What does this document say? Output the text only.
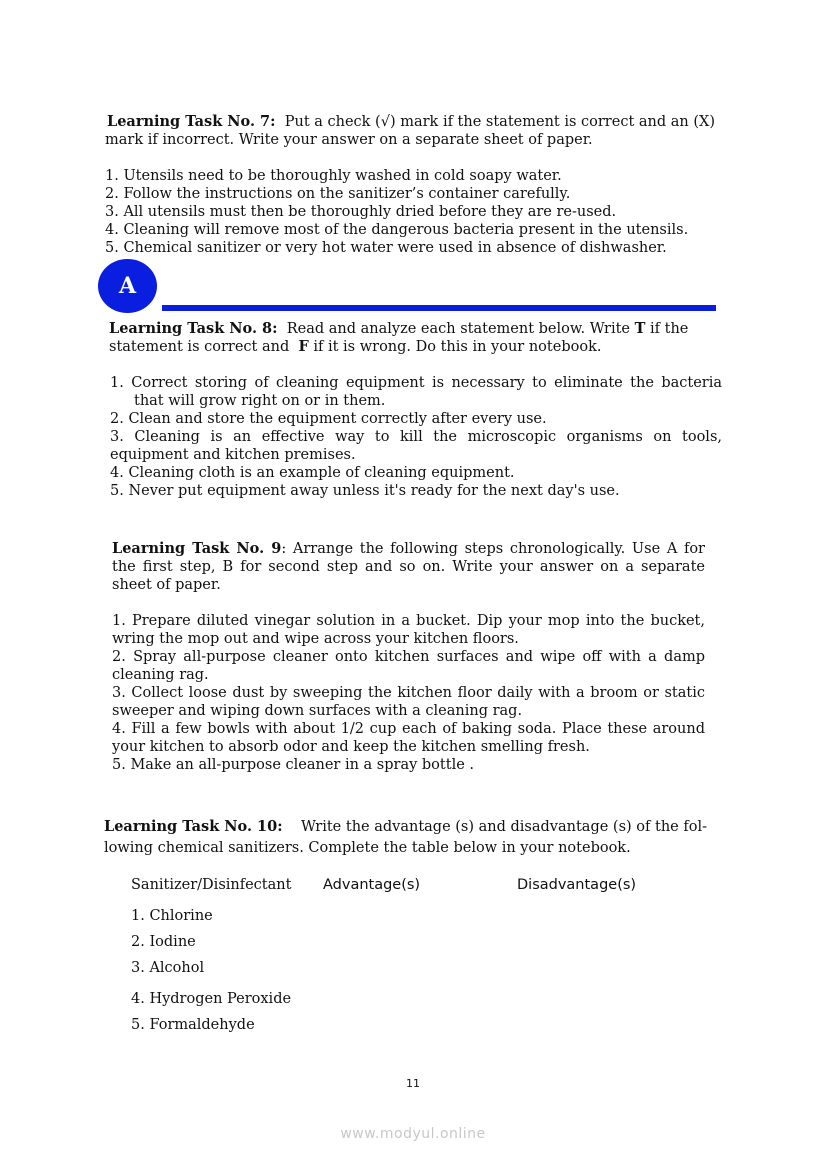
Learning Task No. 7: Put a check (√) mark if the statement is correct and an (X)
mark if incorrect. Write your answer on a separate sheet of paper.
1. Utensils need to be thoroughly washed in cold soapy water.
2. Follow the instructions on the sanitizer’s container carefully.
3. All utensils must then be thoroughly dried before they are re-used.
4. Cleaning will remove most of the dangerous bacteria present in the utensils.
5. Chemical sanitizer or very hot water were used in absence of dishwasher.
A
Learning Task No. 8: Read and analyze each statement below. Write T if the
statement is correct and F if it is wrong. Do this in your notebook.
1. Correct storing of cleaning equipment is necessary to eliminate the bacteria
that will grow right on or in them.
2. Clean and store the equipment correctly after every use.
3. Cleaning is an effective way to kill the microscopic organisms on tools,
equipment and kitchen premises.
4. Cleaning cloth is an example of cleaning equipment.
5. Never put equipment away unless it's ready for the next day's use.
Learning Task No. 9: Arrange the following steps chronologically. Use A for
the first step, B for second step and so on. Write your answer on a separate
sheet of paper.
1. Prepare diluted vinegar solution in a bucket. Dip your mop into the bucket,
wring the mop out and wipe across your kitchen floors.
2. Spray all-purpose cleaner onto kitchen surfaces and wipe off with a damp
cleaning rag.
3. Collect loose dust by sweeping the kitchen floor daily with a broom or static
sweeper and wiping down surfaces with a cleaning rag.
4. Fill a few bowls with about 1/2 cup each of baking soda. Place these around
your kitchen to absorb odor and keep the kitchen smelling fresh.
5. Make an all-purpose cleaner in a spray bottle .
Learning Task No. 10: Write the advantage (s) and disadvantage (s) of the fol-
lowing chemical sanitizers. Complete the table below in your notebook.
Sanitizer/Disinfectant Advantage(s)	Disadvantage(s)
1. Chlorine
2. Iodine
3. Alcohol
4. Hydrogen Peroxide
5. Formaldehyde
11
www.modyul.online
